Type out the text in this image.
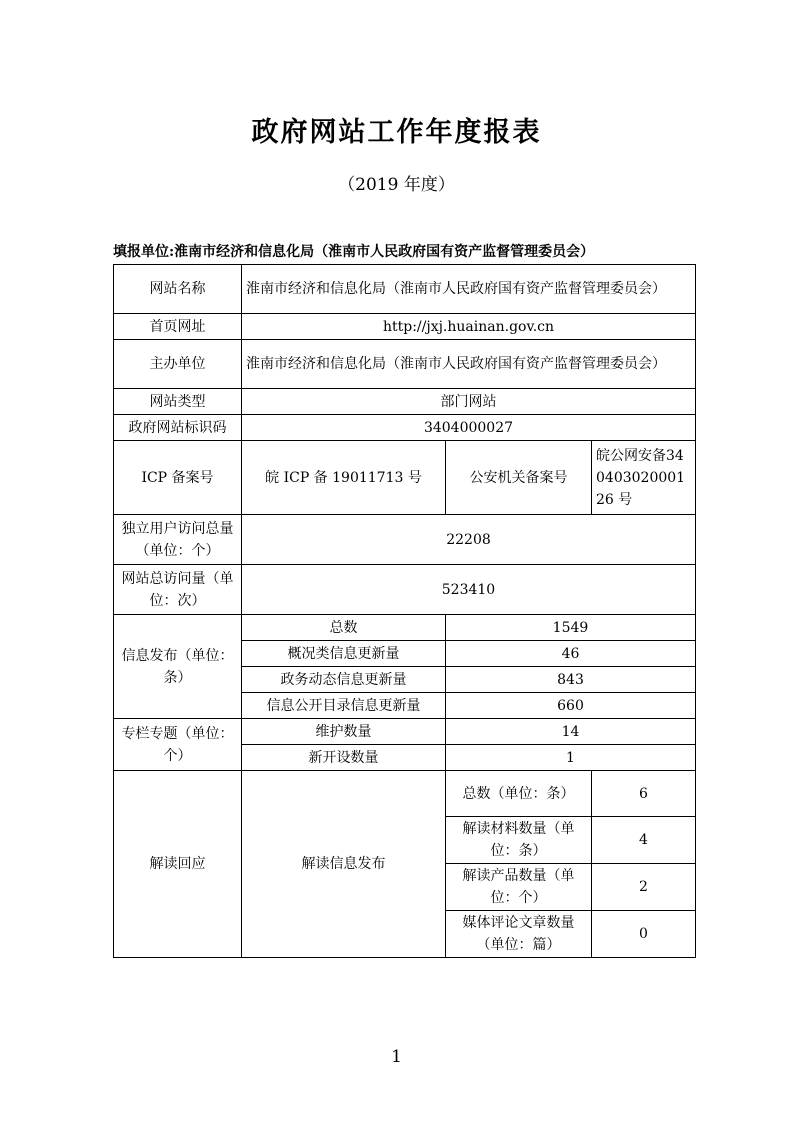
政府网站工作年度报表
（2019 年度）
填报单位:淮南市经济和信息化局（淮南市人民政府国有资产监督管理委员会）
网站名称	淮南市经济和信息化局（淮南市人民政府国有资产监督管理委员会）		
首页网址	http://jxj.huainan.gov.cn		
主办单位	淮南市经济和信息化局（淮南市人民政府国有资产监督管理委员会）		
网站类型	部门网站		
政府网站标识码	3404000027		
ICP 备案号	皖 ICP 备 19011713 号	公安机关备案号	皖公网安备34040302000126 号
独立用户访问总量（单位：个）	22208		
网站总访问量（单位：次）	523410		
信息发布（单位：条）	总数	1549	
	概况类信息更新量	46	
	政务动态信息更新量	843	
	信息公开目录信息更新量	660	
专栏专题（单位：个）	维护数量	14	
	新开设数量	1	
解读回应	解读信息发布	总数（单位：条）	6
		解读材料数量（单位：条）	4
		解读产品数量（单位：个）	2
		媒体评论文章数量（单位：篇）	0
1
